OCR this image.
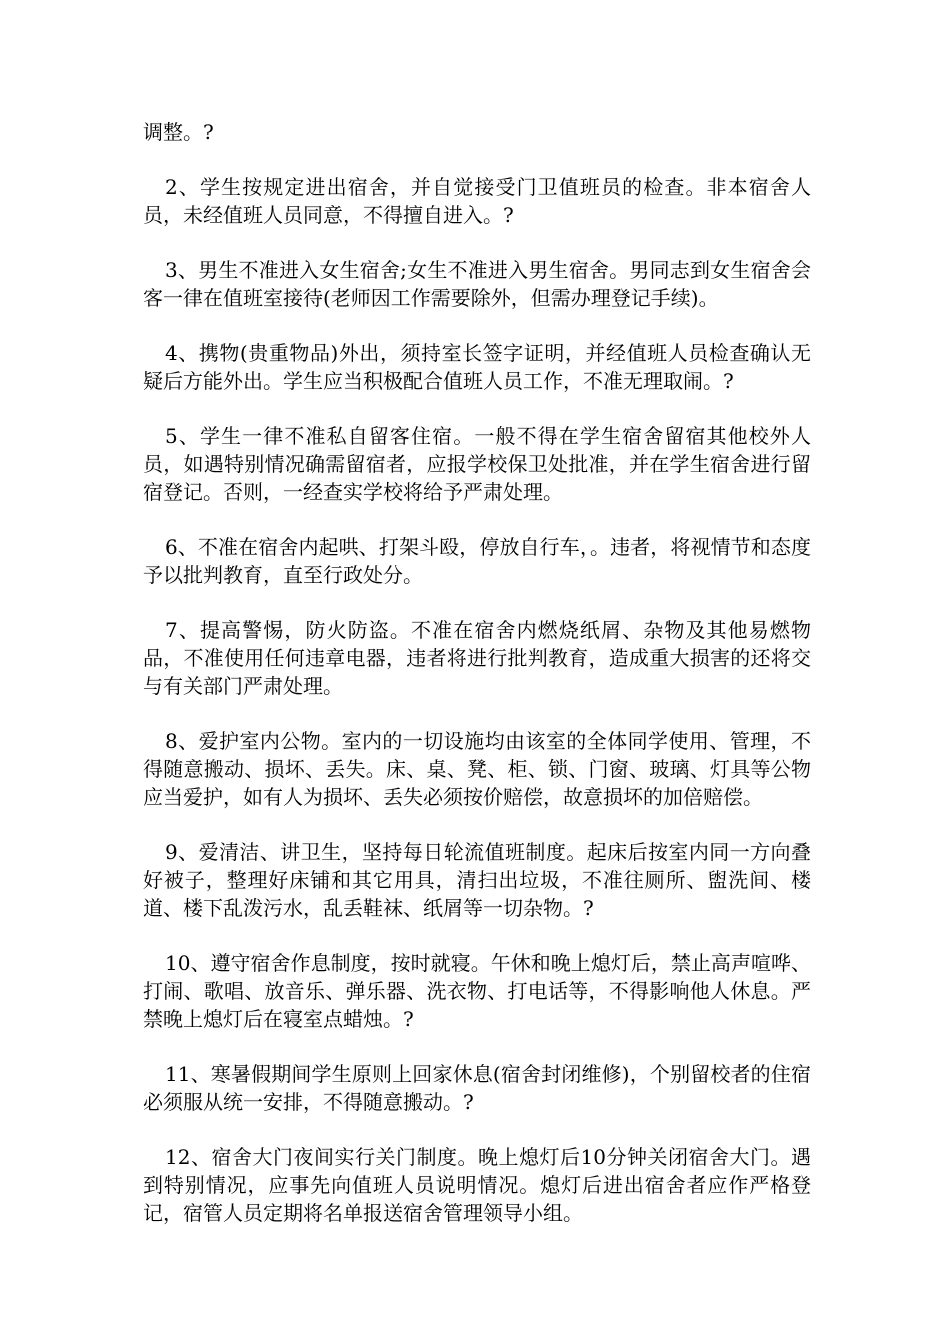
调整。?

2、学生按规定进出宿舍，并自觉接受门卫值班员的检查。非本宿舍人员，未经值班人员同意，不得擅自进入。?

3、男生不准进入女生宿舍;女生不准进入男生宿舍。男同志到女生宿舍会客一律在值班室接待(老师因工作需要除外，但需办理登记手续)。

4、携物(贵重物品)外出，须持室长签字证明，并经值班人员检查确认无疑后方能外出。学生应当积极配合值班人员工作，不准无理取闹。?

5、学生一律不准私自留客住宿。一般不得在学生宿舍留宿其他校外人员，如遇特别情况确需留宿者，应报学校保卫处批准，并在学生宿舍进行留宿登记。否则，一经查实学校将给予严肃处理。

6、不准在宿舍内起哄、打架斗殴，停放自行车，。违者，将视情节和态度予以批判教育，直至行政处分。

7、提高警惕，防火防盗。不准在宿舍内燃烧纸屑、杂物及其他易燃物品，不准使用任何违章电器，违者将进行批判教育，造成重大损害的还将交与有关部门严肃处理。

8、爱护室内公物。室内的一切设施均由该室的全体同学使用、管理，不得随意搬动、损坏、丢失。床、桌、凳、柜、锁、门窗、玻璃、灯具等公物应当爱护，如有人为损坏、丢失必须按价赔偿，故意损坏的加倍赔偿。

9、爱清洁、讲卫生，坚持每日轮流值班制度。起床后按室内同一方向叠好被子，整理好床铺和其它用具，清扫出垃圾，不准往厕所、盥洗间、楼道、楼下乱泼污水，乱丢鞋袜、纸屑等一切杂物。?

10、遵守宿舍作息制度，按时就寝。午休和晚上熄灯后，禁止高声喧哗、打闹、歌唱、放音乐、弹乐器、洗衣物、打电话等，不得影响他人休息。严禁晚上熄灯后在寝室点蜡烛。?

11、寒暑假期间学生原则上回家休息(宿舍封闭维修)，个别留校者的住宿必须服从统一安排，不得随意搬动。?

12、宿舍大门夜间实行关门制度。晚上熄灯后10分钟关闭宿舍大门。遇到特别情况，应事先向值班人员说明情况。熄灯后进出宿舍者应作严格登记，宿管人员定期将名单报送宿舍管理领导小组。
